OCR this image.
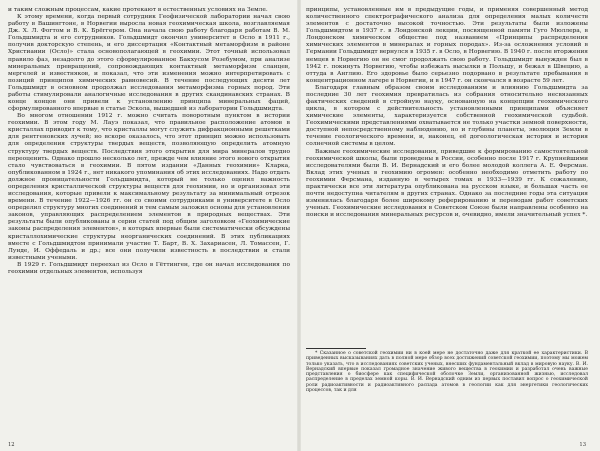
и таким сложным процессам, какие протекают в естественных условиях на Земле.

К этому времени, когда первый сотрудник Геофизической лаборатории начал свою работу в Вашингтоне, в Норвегии выросла новая геохимическая школа, возглавляемая Дж. Х. Л. Фогтом и В. К. Брёггером. Она начала свою работу благодаря работам В. М. Гольдшмидта и его сотрудников. Гольдшмидт окончил университет в Осло в 1911 г., получив докторскую степень, и его диссертация «Контактный метаморфизм в районе Христиании (Осло)» стала основополагающей в геохимии. Этот точный использовал правило фаз, незадолго до этого сформулированное Бакхусом Розебумом, при анализе минеральных превращений, сопровождающих контактный метаморфизм сланцев, мергелей и известняков, и показал, что эти изменения можно интерпретировать с позиций принципов химических равновесий. В течение последующих десяти лет Гольдшмидт в основном продолжал исследования метаморфизма горных пород. Эти работы стимулировали аналогичные исследования в других скандинавских странах. В конце концов они привели к установлению принципа минеральных фаций, сформулированного впервые в статье Эскола, вышедшей из лаборатории Гольдшмидта.

Во многом отношении 1912 г. можно считать поворотным пунктом в истории геохимии. В этом году М. Лауэ показал, что правильное расположение атомов в кристаллах приводит к тому, что кристаллы могут служить дифракционными решетками для рентгеновских лучей; но вскоре оказалось, что этот принцип можно использовать для определения структуры твердых веществ, позволяющую определить атомную структуру твердых веществ. Последствия этого открытия для мира минералов трудно переоценить. Однако прошло несколько лет, прежде чем влияние этого нового открытия стало чувствоваться в геохимии. В пятом издании «Данных геохимии» Кларка, опубликованном в 1924 г., нет никакого упоминания об этих исследованиях. Надо отдать должное проницательности Гольдшмидта, который не только оценил важность определения кристаллической структуры веществ для геохимии, но и организовал эти исследования, которые привели к максимальному результату за минимальный отрезок времени. В течение 1922—1926 гг. он со своими сотрудниками в университете в Осло определил структуру многих соединений и тем самым заложил основы для установления законов, управляющих распределением элементов в природных веществах. Эти результаты были опубликованы в серии статей под общим заголовком «Геохимические законы распределения элементов», в которых впервые были систематически обсуждены кристаллохимические структуры неорганических соединений. В этих публикациях вместе с Гольдшмидтом принимали участие Т. Барт, В. Х. Захариасен, Л. Томассен, Г. Лунде, И. Оффедаль и др.; все они получили известность в последствии и стали известными учеными.

В 1929 г. Гольдшмидт переехал из Осло в Гёттинген, где он начал исследования по геохимии отдельных элементов, используя

принципы, установленные им в предыдущие годы, и применяя совершенный метод количественного спектрографического анализа для определения малых количеств элементов с достаточно высокой точностью. Эти результаты были изложены Гольдшмидтом в 1937 г. в Лондонской лекции, посвященной памяти Гуго Мюллера, в Лондонском химическом обществе под названием «Принципы распределения химических элементов в минералах и горных породах». Из-за осложнения условий в Германии Гольдшмидт вернулся в 1935 г. в Осло, в Норвегию. В 1940 г. после вторжения немцев в Норвегию он не смог продолжать свою работу. Гольдшмидт вынужден был в 1942 г. покинуть Норвегию, чтобы избежать высылки в Польшу, и бежал в Швецию, а оттуда в Англию. Его здоровье было серьезно подорвано в результате пребывания в концентрационном лагере в Норвегии, и в 1947 г. он скончался в возрасте 59 лет.

Благодаря главным образом своим исследованиям и влиянию Гольдшмидта за последние 30 лет геохимия превратилась из собрания относительно несвязанных фактических сведений в стройную науку, основанную на концепции геохимического цикла, в котором с действительность установленными принципами объясняет химические элементы, характеризуется собственной геохимической судьбой. Геохимическими представлениями охватывается не только участки земной поверхности, доступной непосредственному наблюдению, но и глубины планеты, эволюция Земли в течение геологического времени, и, наконец, её догеологическая история и история солнечной системы в целом.

Важные геохимические исследования, приведшие к формированию самостоятельной геохимической школы, были проведены в России, особенно после 1917 г. Крупнейшими исследователями были В. И. Вернадский и его более молодой коллега А. Е. Ферсман. Вклад этих ученых в геохимию огромен: особенно необходимо отметить работу по геохимии Ферсмана, изданную в четырех томах в 1933—1939 гг. К сожалению, практически все эти литература опубликована на русском языке, и большая часть ее почти недоступна читателям в других странах. Однако за последние годы эта ситуация изменилась благодаря более широкому реферированию и переводам работ советских ученых. Геохимические исследования в Советском Союзе были направлены особенно на поиски и исследования минеральных ресурсов и, очевидно, имели значительный успех *.

* Сказанное о советской геохимии ни в коей мере не достаточно даже для краткой ее характеристики. В приведенных высказываниях дать в полной мере обзор всех достижений советской геохимии, поэтому мы можем только указать, что в исследованиях советских ученых, внесших фундаментальный вклад в мировую науку. В. И. Вернадский впервые показал громадное значение живого вещества в геохимии и разработал очень важные представления о биосфере как специфической оболочке Земли, организованной жизнью, исследовал распределение в пределах земной коры. В. И. Вернадский одним из первых поставил вопрос о геохимической роли радиоактивности и радиоактивного распада атомов в геологии как для энергетики геологических процессов, так и для

12	13
